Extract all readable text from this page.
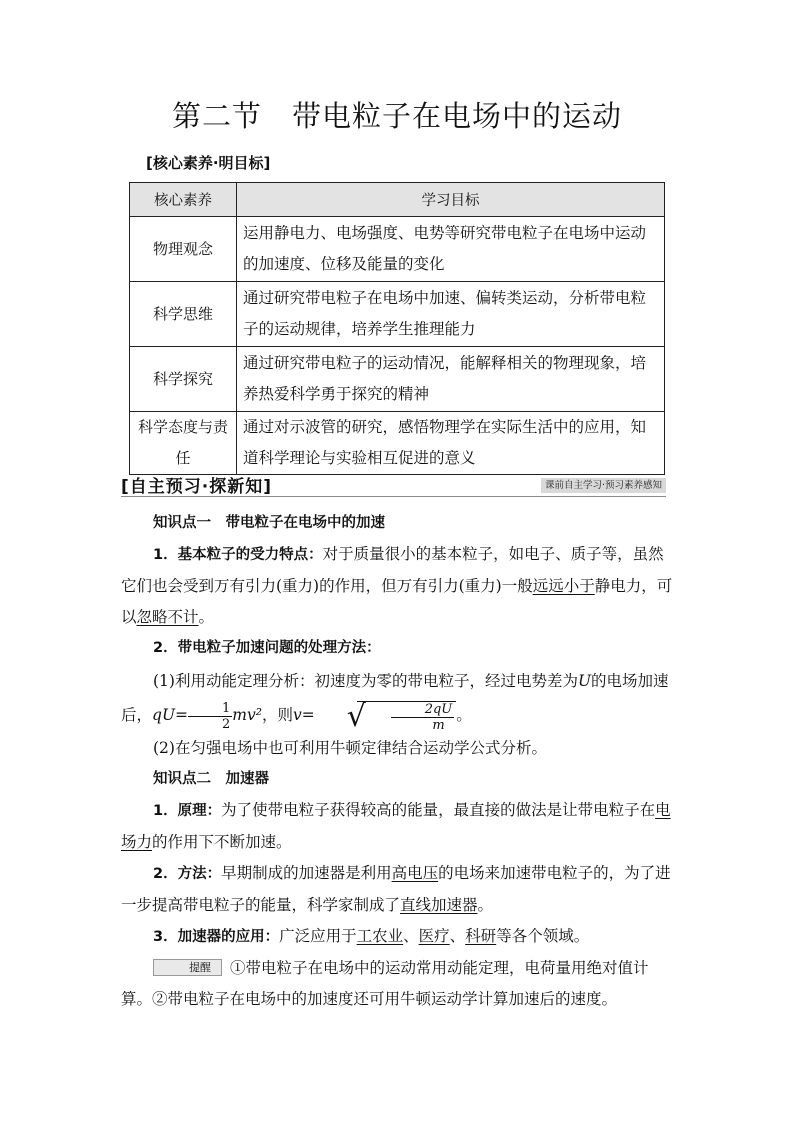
第二节 带电粒子在电场中的运动
[核心素养·明目标]
核心素养	学习目标
物理观念	运用静电力、电场强度、电势等研究带电粒子在电场中运动的加速度、位移及能量的变化
科学思维	通过研究带电粒子在电场中加速、偏转类运动，分析带电粒子的运动规律，培养学生推理能力
科学探究	通过研究带电粒子的运动情况，能解释相关的物理现象，培养热爱科学勇于探究的精神
科学态度与责任	通过对示波管的研究，感悟物理学在实际生活中的应用，知道科学理论与实验相互促进的意义
[自主预习·探新知]	课前自主学习·预习素养感知

知识点一　带电粒子在电场中的加速

1．基本粒子的受力特点：对于质量很小的基本粒子，如电子、质子等，虽然它们也会受到万有引力(重力)的作用，但万有引力(重力)一般远远小于静电力，可以忽略不计。

2．带电粒子加速问题的处理方法：

(1)利用动能定理分析：初速度为零的带电粒子，经过电势差为U的电场加速后，$qU= \frac{1}{2} mv^2$，则v=	√ $\frac{2qU}{m}$ 。

(2)在匀强电场中也可利用牛顿定律结合运动学公式分析。

知识点二　加速器

1．原理：为了使带电粒子获得较高的能量，最直接的做法是让带电粒子在电场力的作用下不断加速。

2．方法：早期制成的加速器是利用高电压的电场来加速带电粒子的，为了进一步提高带电粒子的能量，科学家制成了直线加速器。

3．加速器的应用：广泛应用于工农业、医疗、科研等各个领域。

提醒 ①带电粒子在电场中的运动常用动能定理，电荷量用绝对值计算。②带电粒子在电场中的加速度还可用牛顿运动学计算加速后的速度。
